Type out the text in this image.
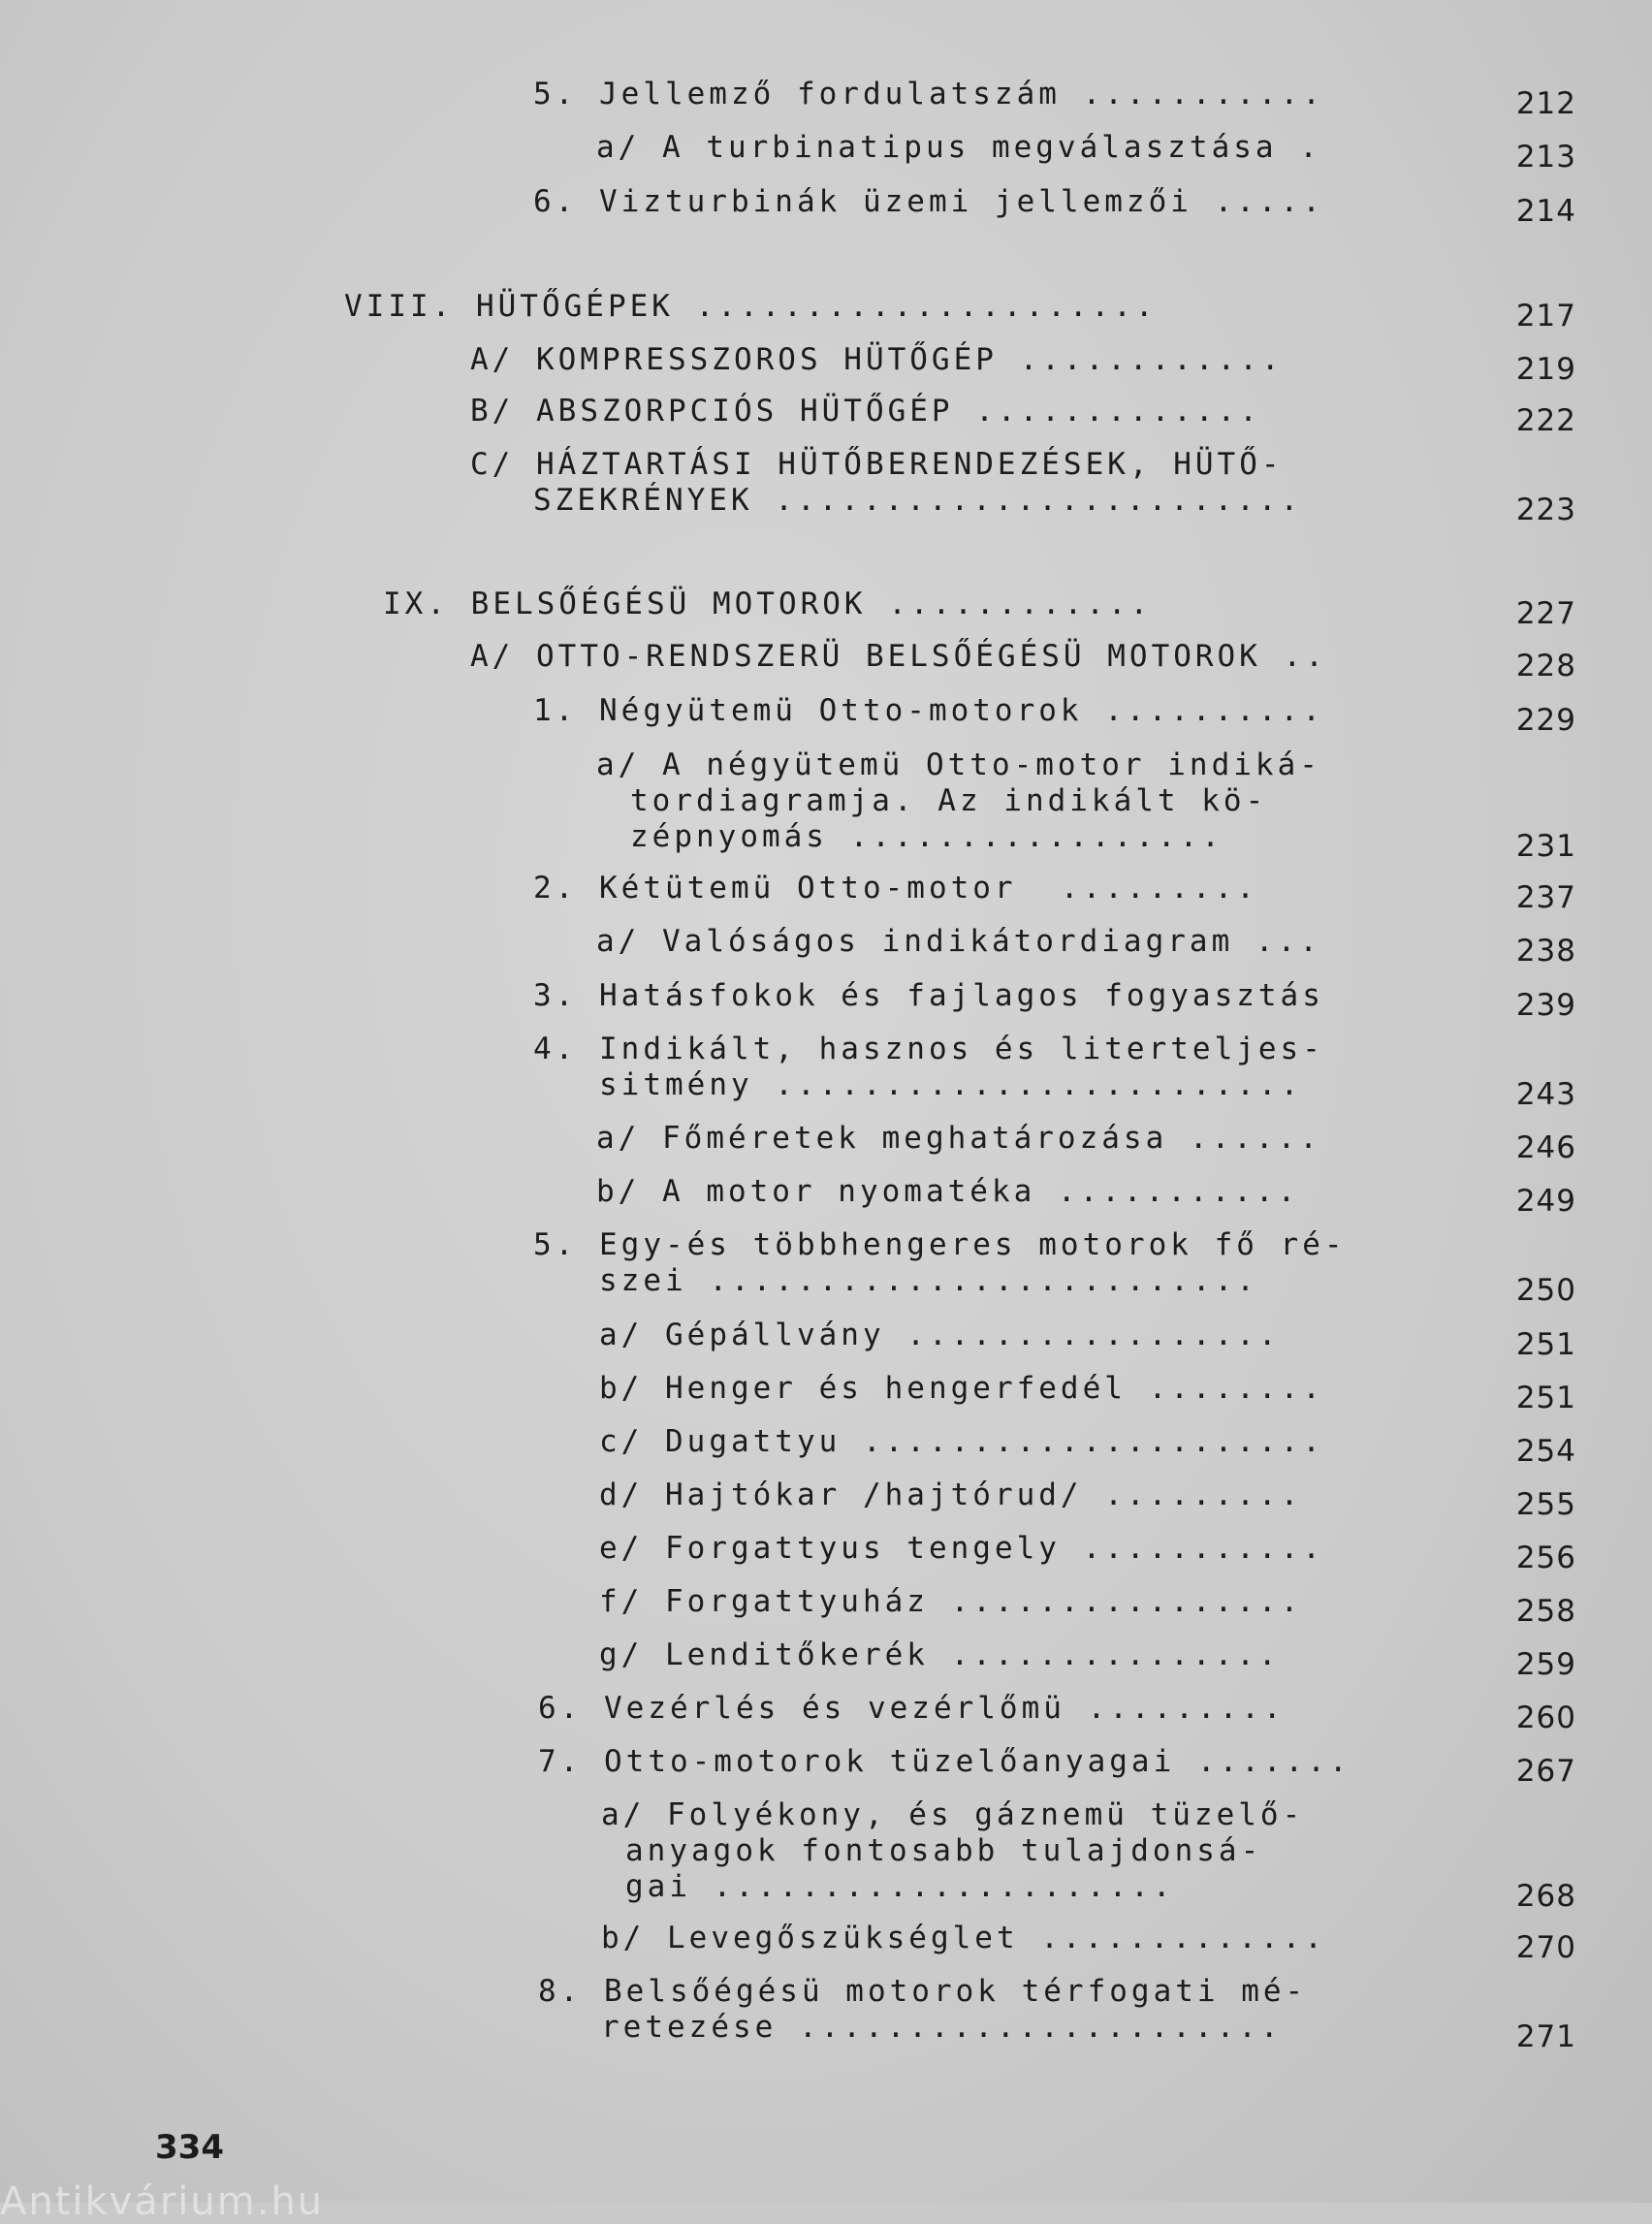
5. Jellemző fordulatszám ...........	212
a/ A turbinatipus megválasztása .	213
6. Vizturbinák üzemi jellemzői .....	214
VIII. HÜTŐGÉPEK .....................	217
A/ KOMPRESSZOROS HÜTŐGÉP ............	219
B/ ABSZORPCIÓS HÜTŐGÉP .............	222
C/ HÁZTARTÁSI HÜTŐBERENDEZÉSEK, HÜTŐ-
SZEKRÉNYEK ........................	223
IX. BELSŐÉGÉSÜ MOTOROK ............	227
A/ OTTO-RENDSZERÜ BELSŐÉGÉSÜ MOTOROK ..	228
1. Négyütemü Otto-motorok ..........	229
a/ A négyütemü Otto-motor indiká-
tordiagramja. Az indikált kö-
zépnyomás .................	231
2. Kétütemü Otto-motor  .........	237
a/ Valóságos indikátordiagram ...	238
3. Hatásfokok és fajlagos fogyasztás	239
4. Indikált, hasznos és literteljes-
sitmény ........................	243
a/ Főméretek meghatározása ......	246
b/ A motor nyomatéka ...........	249
5. Egy-és többhengeres motorok fő ré-
szei .........................	250
a/ Gépállvány .................	251
b/ Henger és hengerfedél ........	251
c/ Dugattyu .....................	254
d/ Hajtókar /hajtórud/ .........	255
e/ Forgattyus tengely ...........	256
f/ Forgattyuház ................	258
g/ Lenditőkerék ...............	259
6. Vezérlés és vezérlőmü .........	260
7. Otto-motorok tüzelőanyagai .......	267
a/ Folyékony, és gáznemü tüzelő-
anyagok fontosabb tulajdonsá-
gai .....................	268
b/ Levegőszükséglet .............	270
8. Belsőégésü motorok térfogati mé-
retezése ......................	271
334
Antikvárium.hu
